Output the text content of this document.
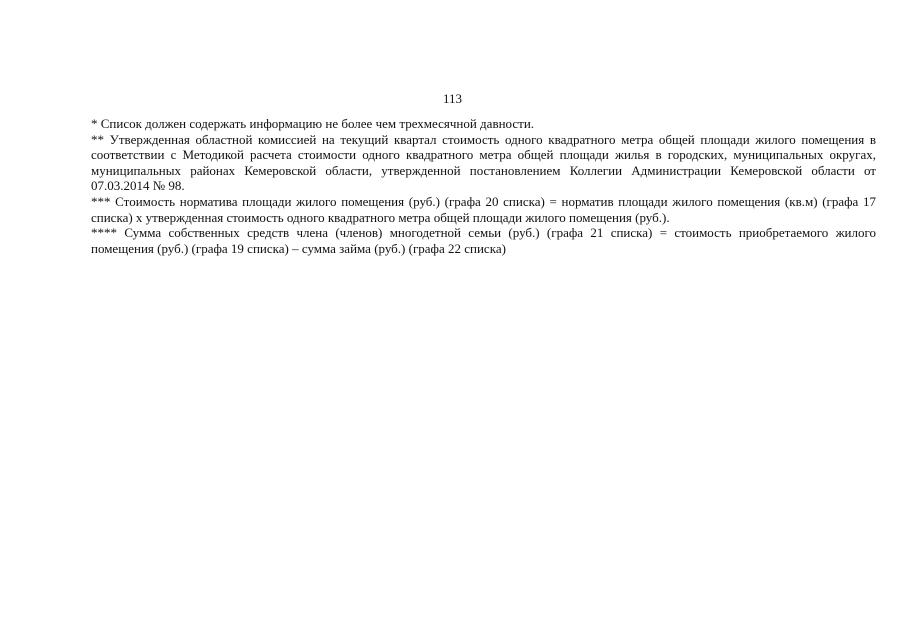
113

* Список должен содержать информацию не более чем трехмесячной давности.

** Утвержденная областной комиссией на текущий квартал стоимость одного квадратного метра общей площади жилого помещения в соответствии с Методикой расчета стоимости одного квадратного метра общей площади жилья в городских, муниципальных округах, муниципальных районах Кемеровской области, утвержденной постановлением Коллегии Администрации Кемеровской области от 07.03.2014 № 98.

*** Стоимость норматива площади жилого помещения (руб.) (графа 20 списка) = норматив площади жилого помещения (кв.м) (графа 17 списка) х утвержденная стоимость одного квадратного метра общей площади жилого помещения (руб.).

**** Сумма собственных средств члена (членов) многодетной семьи (руб.) (графа 21 списка) = стоимость приобретаемого жилого помещения (руб.) (графа 19 списка) – сумма займа (руб.) (графа 22 списка)
